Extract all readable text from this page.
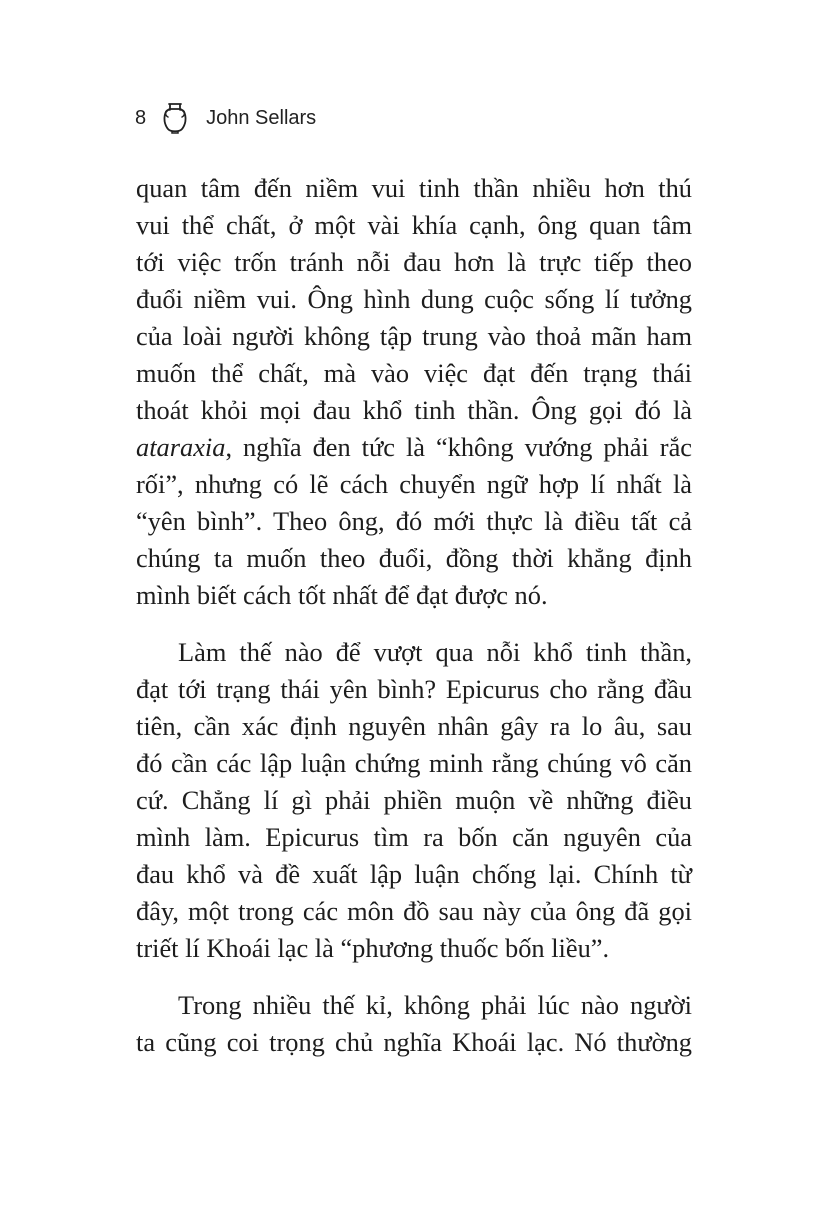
8	John Sellars

quan tâm đến niềm vui tinh thần nhiều hơn thú
vui thể chất, ở một vài khía cạnh, ông quan tâm
tới việc trốn tránh nỗi đau hơn là trực tiếp theo
đuổi niềm vui. Ông hình dung cuộc sống lí tưởng
của loài người không tập trung vào thoả mãn ham
muốn thể chất, mà vào việc đạt đến trạng thái
thoát khỏi mọi đau khổ tinh thần. Ông gọi đó là
ataraxia, nghĩa đen tức là “không vướng phải rắc
rối”, nhưng có lẽ cách chuyển ngữ hợp lí nhất là
“yên bình”. Theo ông, đó mới thực là điều tất cả
chúng ta muốn theo đuổi, đồng thời khẳng định
mình biết cách tốt nhất để đạt được nó.

Làm thế nào để vượt qua nỗi khổ tinh thần,
đạt tới trạng thái yên bình? Epicurus cho rằng đầu
tiên, cần xác định nguyên nhân gây ra lo âu, sau
đó cần các lập luận chứng minh rằng chúng vô căn
cứ. Chẳng lí gì phải phiền muộn về những điều
mình làm. Epicurus tìm ra bốn căn nguyên của
đau khổ và đề xuất lập luận chống lại. Chính từ
đây, một trong các môn đồ sau này của ông đã gọi
triết lí Khoái lạc là “phương thuốc bốn liều”.

Trong nhiều thế kỉ, không phải lúc nào người
ta cũng coi trọng chủ nghĩa Khoái lạc. Nó thường
